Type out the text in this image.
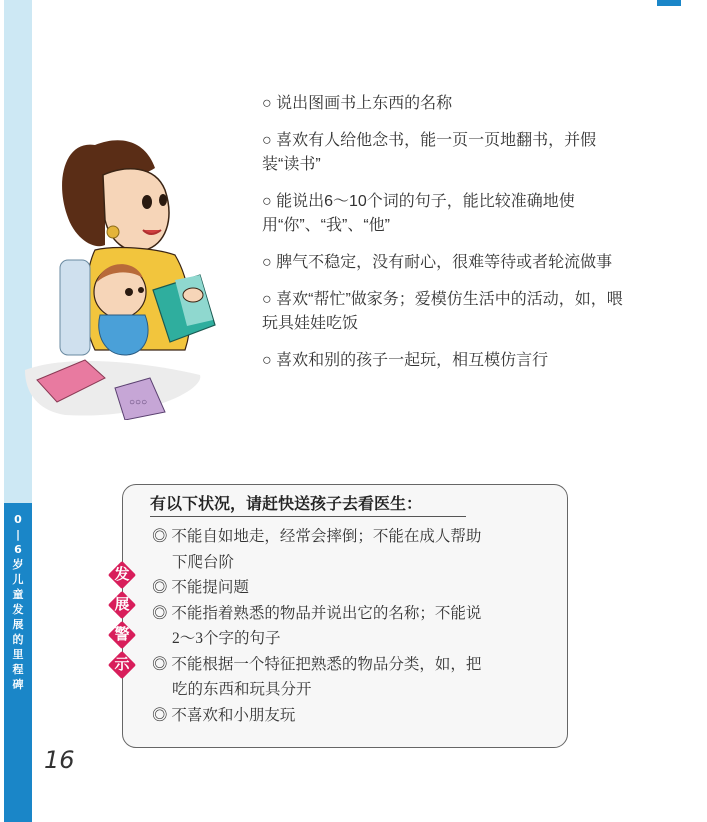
0
|
6
岁
儿
童
发
展
的
里
程
碑
○○○
○ 说出图画书上东西的名称
○ 喜欢有人给他念书，能一页一页地翻书，并假装“读书”
○ 能说出6～10个词的句子，能比较准确地使用“你”、“我”、“他”
○ 脾气不稳定，没有耐心，很难等待或者轮流做事
○ 喜欢“帮忙”做家务；爱模仿生活中的活动，如，喂玩具娃娃吃饭
○ 喜欢和别的孩子一起玩，相互模仿言行
有以下状况，请赶快送孩子去看医生：
◎ 不能自如地走，经常会摔倒；不能在成人帮助
下爬台阶
◎ 不能提问题
◎ 不能指着熟悉的物品并说出它的名称；不能说
2～3个字的句子
◎ 不能根据一个特征把熟悉的物品分类，如，把
吃的东西和玩具分开
◎ 不喜欢和小朋友玩
发
展
警
示
16
